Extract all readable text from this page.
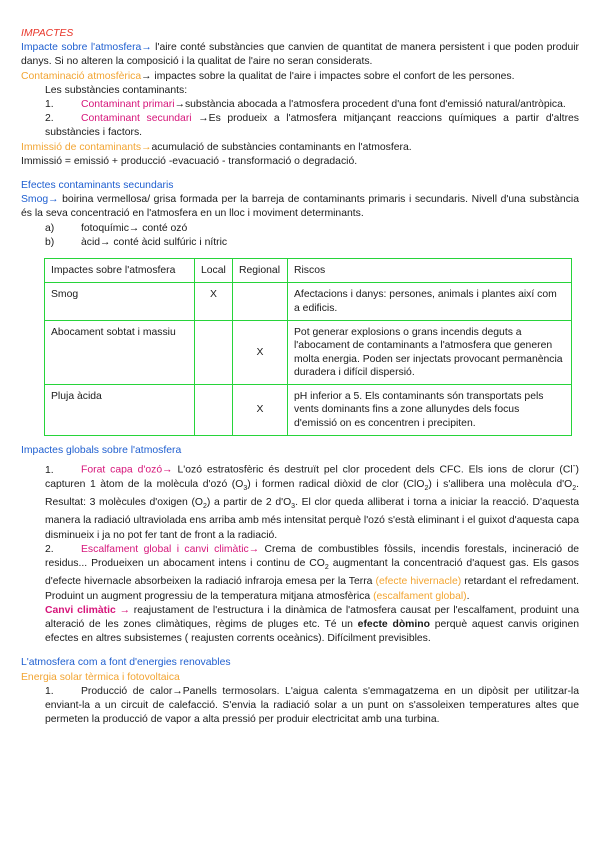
IMPACTES

Impacte sobre l'atmosfera→ l'aire conté substàncies que canvien de quantitat de manera persistent i que poden produir danys. Si no alteren la composició i la qualitat de l'aire no seran considerats.

Contaminació atmosfèrica→ impactes sobre la qualitat de l'aire i impactes sobre el confort de les persones.

Les substàncies contaminants:

1.	Contaminant primari→substància abocada a l'atmosfera procedent d'una font d'emissió natural/antròpica.

2.	Contaminant secundari →Es produeix a l'atmosfera mitjançant reaccions químiques a partir d'altres substàncies i factors.

Immissió de contaminants→acumulació de substàncies contaminants en l'atmosfera.

Immissió = emissió + producció -evacuació - transformació o degradació.

Efectes contaminants secundaris

Smog→ boirina vermellosa/ grisa formada per la barreja de contaminants primaris i secundaris. Nivell d'una substància és la seva concentració en l'atmosfera en un lloc i moviment determinants.

a)	fotoquímic→ conté ozó

b)	àcid→ conté àcid sulfúric i nítric

Impactes sobre l'atmosfera	Local	Regional	Riscos
Smog	X		Afectacions i danys: persones, animals i plantes així com a edificis.
Abocament sobtat i massiu		X	Pot generar explosions o grans incendis deguts a l'abocament de contaminants a l'atmosfera que generen molta energia. Poden ser injectats provocant permanència duradera i difícil dispersió.
Pluja àcida		X	pH inferior a 5. Els contaminants són transportats pels vents dominants fins a zone allunydes dels focus d'emissió on es concentren i precipiten.

Impactes globals sobre l'atmosfera

1.	Forat capa d'ozó→ L'ozó estratosfèric és destruït pel clor procedent dels CFC. Els ions de clorur (Cl-) capturen 1 àtom de la molècula d'ozó $(O_3)$ i formen radical diòxid de clor (ClO$_2$) i s'allibera una molècula $d'O_2$. Resultat: 3 molècules d'oxigen $(O_2)$ a partir de 2 $d'O_3$. El clor queda alliberat i torna a iniciar la reacció. D'aquesta manera la radiació ultraviolada ens arriba amb més intensitat perquè l'ozó s'està eliminant i el guixot d'aquesta capa disminueix i ja no pot fer tant de front a la radiació.

2.	Escalfament global i canvi climàtic→ Crema de combustibles fòssils, incendis forestals, incineració de residus... Produeixen un abocament intens i continu de $CO_2$ augmentant la concentració d'aquest gas. Els gasos d'efecte hivernacle absorbeixen la radiació infraroja emesa per la Terra (efecte hivernacle) retardant el refredament. Produint un augment progressiu de la temperatura mitjana atmosfèrica (escalfament global).

Canvi climàtic → reajustament de l'estructura i la dinàmica de l'atmosfera causat per l'escalfament, produint una alteració de les zones climàtiques, règims de pluges etc. Té un efecte dòmino perquè aquest canvis originen efectes en altres subsistemes ( reajusten corrents oceànics). Difícilment previsibles.

L'atmosfera com a font d'energies renovables

Energia solar tèrmica i fotovoltaica

1.	Producció de calor→Panells termosolars. L'aigua calenta s'emmagatzema en un dipòsit per utilitzar-la enviant-la a un circuit de calefacció. S'envia la radiació solar a un punt on s'assoleixen temperatures altes que permeten la producció de vapor a alta pressió per produir electricitat amb una turbina.
